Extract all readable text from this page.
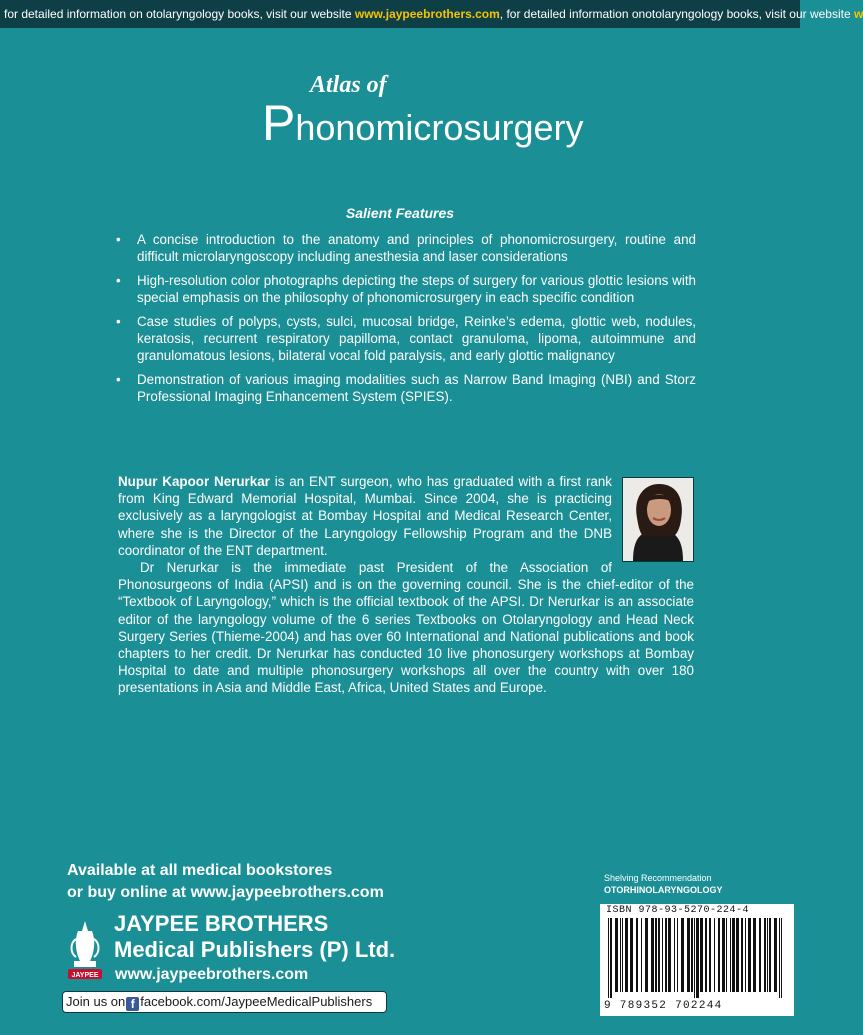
for detailed information on otolaryngology books, visit our website www.jaypeebrothers.com, for detailed information onotolaryngology books, visit our website w
Atlas of
Phonomicrosurgery
Salient Features
• A concise introduction to the anatomy and principles of phonomicrosurgery, routine and difficult microlaryngoscopy including anesthesia and laser considerations
• High-resolution color photographs depicting the steps of surgery for various glottic lesions with special emphasis on the philosophy of phonomicrosurgery in each specific condition
• Case studies of polyps, cysts, sulci, mucosal bridge, Reinke’s edema, glottic web, nodules, keratosis, recurrent respiratory papilloma, contact granuloma, lipoma, autoimmune and granulomatous lesions, bilateral vocal fold paralysis, and early glottic malignancy
• Demonstration of various imaging modalities such as Narrow Band Imaging (NBI) and Storz Professional Imaging Enhancement System (SPIES).

Nupur Kapoor Nerurkar is an ENT surgeon, who has graduated with a first rank from King Edward Memorial Hospital, Mumbai. Since 2004, she is practicing exclusively as a laryngologist at Bombay Hospital and Medical Research Center, where she is the Director of the Laryngology Fellowship Program and the DNB coordinator of the ENT department.

Dr Nerurkar is the immediate past President of the Association of Phonosurgeons of India (APSI) and is on the governing council. She is the chief-editor of the “Textbook of Laryngology,” which is the official textbook of the APSI. Dr Nerurkar is an associate editor of the laryngology volume of the 6 series Textbooks on Otolaryngology and Head Neck Surgery Series (Thieme-2004) and has over 60 International and National publications and book chapters to her credit. Dr Nerurkar has conducted 10 live phonosurgery workshops at Bombay Hospital to date and multiple phonosurgery workshops all over the country with over 180 presentations in Asia and Middle East, Africa, United States and Europe.

Available at all medical bookstores
or buy online at www.jaypeebrothers.com
JAYPEE
JAYPEE BROTHERS
Medical Publishers (P) Ltd.
www.jaypeebrothers.com
Join us on f facebook.com/JaypeeMedicalPublishers
Shelving Recommendation
OTORHINOLARYNGOLOGY
ISBN 978-93-5270-224-4
9 789352 702244
